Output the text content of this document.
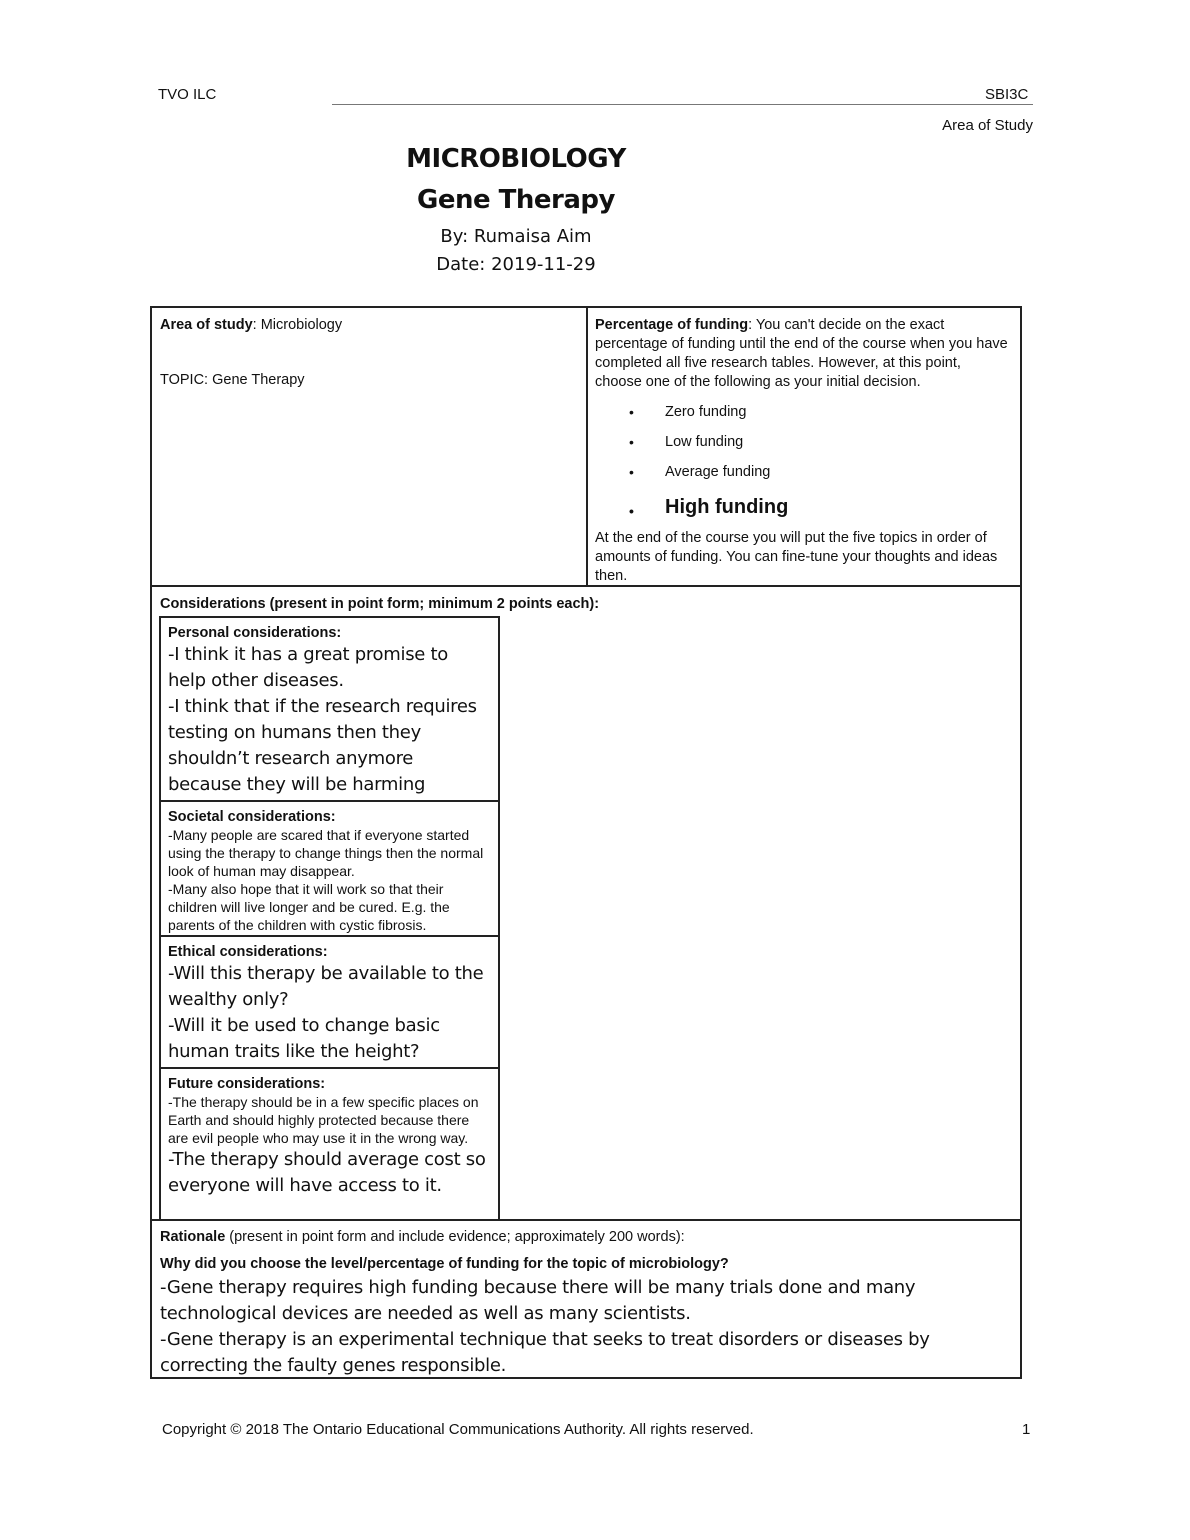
TVO ILC	SBI3C
Area of Study
MICROBIOLOGY
Gene Therapy
By: Rumaisa Aim
Date: 2019-11-29
Area of study: Microbiology
TOPIC: Gene Therapy
Percentage of funding: You can't decide on the exact percentage of funding until the end of the course when you have completed all five research tables. However, at this point, choose one of the following as your initial decision.
• Zero funding
• Low funding
• Average funding
• High funding
At the end of the course you will put the five topics in order of amounts of funding. You can fine-tune your thoughts and ideas then.
Considerations (present in point form; minimum 2 points each):
Personal considerations:
-I think it has a great promise to help other diseases.
-I think that if the research requires testing on humans then they shouldn’t research anymore because they will be harming
Societal considerations:
-Many people are scared that if everyone started using the therapy to change things then the normal look of human may disappear.
-Many also hope that it will work so that their children will live longer and be cured. E.g. the parents of the children with cystic fibrosis.
Ethical considerations:
-Will this therapy be available to the wealthy only?
-Will it be used to change basic human traits like the height?
Future considerations:
-The therapy should be in a few specific places on Earth and should highly protected because there are evil people who may use it in the wrong way.
-The therapy should average cost so everyone will have access to it.
Rationale (present in point form and include evidence; approximately 200 words):
Why did you choose the level/percentage of funding for the topic of microbiology?
-Gene therapy requires high funding because there will be many trials done and many technological devices are needed as well as many scientists.
-Gene therapy is an experimental technique that seeks to treat disorders or diseases by correcting the faulty genes responsible.
Copyright © 2018 The Ontario Educational Communications Authority. All rights reserved.	1
